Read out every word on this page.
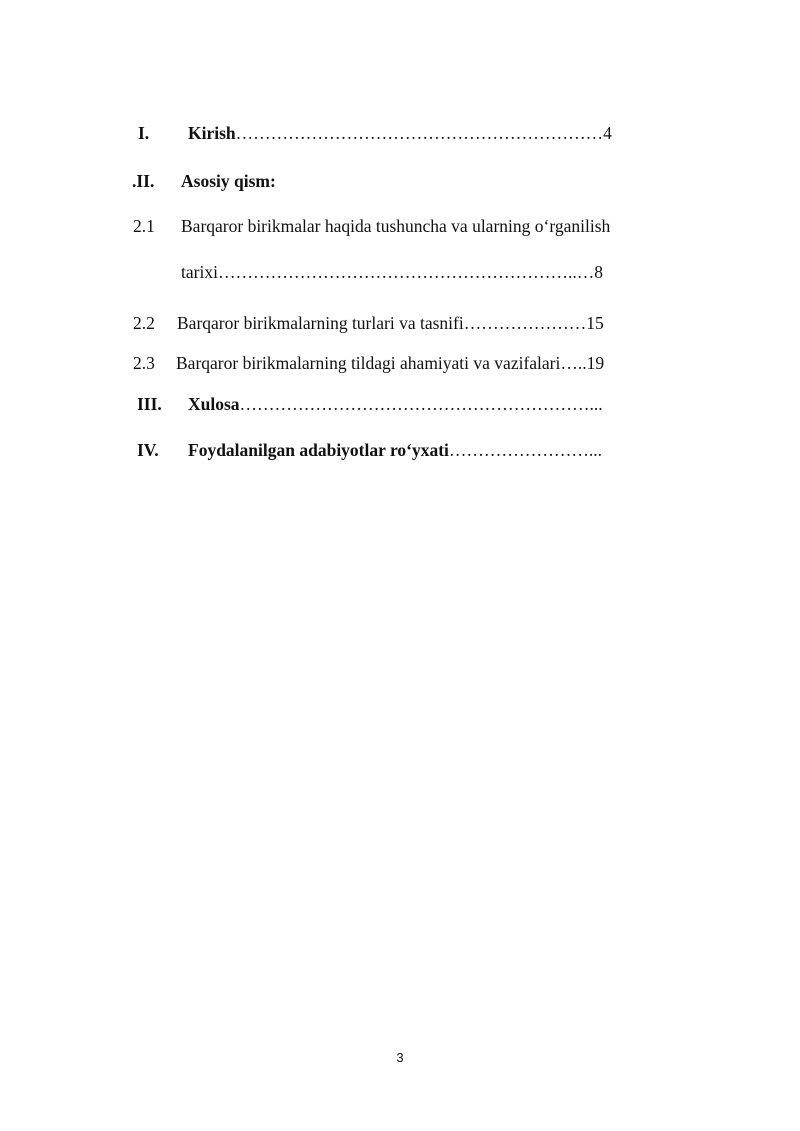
I. Kirish………………………………………………………4
.II. Asosiy qism:
2.1 Barqaror birikmalar haqida tushuncha va ularning o‘rganilish
tarixi……………………………………………………..…8
2.2 Barqaror birikmalarning turlari va tasnifi…………………15
2.3 Barqaror birikmalarning tildagi ahamiyati va vazifalari…..19
III. Xulosa……………………………………………………...
IV. Foydalanilgan adabiyotlar ro‘yxati……………………...
3
